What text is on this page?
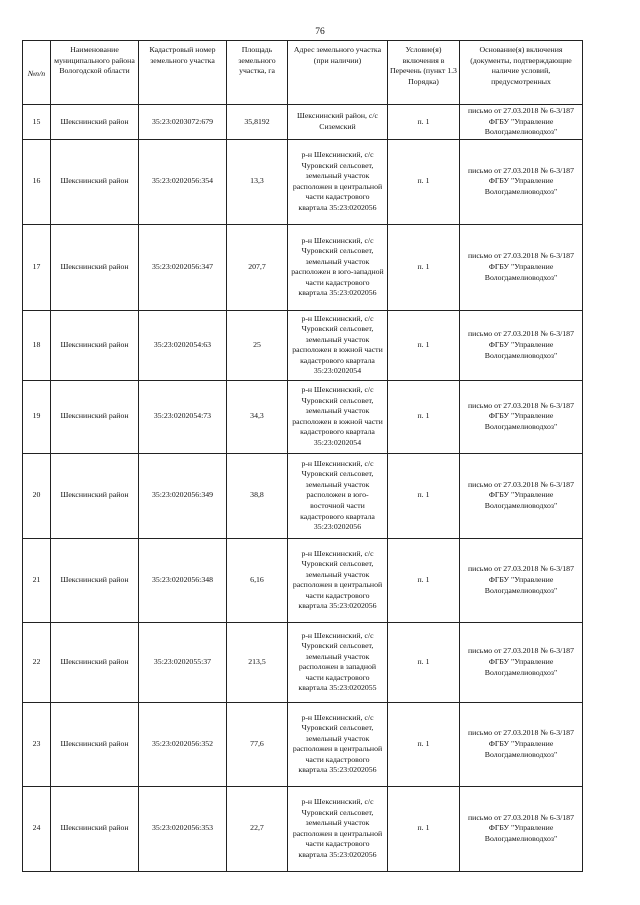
76
№п/п	Наименование муниципального района Вологодской области	Кадастровый номер земельного участка	Площадь земельного участка, га	Адрес земельного участка (при наличии)	Условие(я) включения в Перечень (пункт 1.3 Порядка)	Основание(я) включения (документы, подтверждающие наличие условий, предусмотренных

15	Шекснинский район	35:23:0203072:679	35,8192	Шекснинский район, с/с Сиземский	п. 1	письмо от 27.03.2018 № 6-3/187 ФГБУ "Управление Вологдамелиоводхоз"
16	Шекснинский район	35:23:0202056:354	13,3	р-н Шекснинский, с/с Чуровский сельсовет, земельный участок расположен в центральной части кадастрового квартала 35:23:0202056	п. 1	письмо от 27.03.2018 № 6-3/187 ФГБУ "Управление Вологдамелиоводхоз"
17	Шекснинский район	35:23:0202056:347	207,7	р-н Шекснинский, с/с Чуровский сельсовет, земельный участок расположен в юго-западной части кадастрового квартала 35:23:0202056	п. 1	письмо от 27.03.2018 № 6-3/187 ФГБУ "Управление Вологдамелиоводхоз"
18	Шекснинский район	35:23:0202054:63	25	р-н Шекснинский, с/с Чуровский сельсовет, земельный участок расположен в южной части кадастрового квартала 35:23:0202054	п. 1	письмо от 27.03.2018 № 6-3/187 ФГБУ "Управление Вологдамелиоводхоз"
19	Шекснинский район	35:23:0202054:73	34,3	р-н Шекснинский, с/с Чуровский сельсовет, земельный участок расположен в южной части кадастрового квартала 35:23:0202054	п. 1	письмо от 27.03.2018 № 6-3/187 ФГБУ "Управление Вологдамелиоводхоз"
20	Шекснинский район	35:23:0202056:349	38,8	р-н Шекснинский, с/с Чуровский сельсовет, земельный участок расположен в юго-восточной части кадастрового квартала 35:23:0202056	п. 1	письмо от 27.03.2018 № 6-3/187 ФГБУ "Управление Вологдамелиоводхоз"
21	Шекснинский район	35:23:0202056:348	6,16	р-н Шекснинский, с/с Чуровский сельсовет, земельный участок расположен в центральной части кадастрового квартала 35:23:0202056	п. 1	письмо от 27.03.2018 № 6-3/187 ФГБУ "Управление Вологдамелиоводхоз"
22	Шекснинский район	35:23:0202055:37	213,5	р-н Шекснинский, с/с Чуровский сельсовет, земельный участок расположен в западной части кадастрового квартала 35:23:0202055	п. 1	письмо от 27.03.2018 № 6-3/187 ФГБУ "Управление Вологдамелиоводхоз"
23	Шекснинский район	35:23:0202056:352	77,6	р-н Шекснинский, с/с Чуровский сельсовет, земельный участок расположен в центральной части кадастрового квартала 35:23:0202056	п. 1	письмо от 27.03.2018 № 6-3/187 ФГБУ "Управление Вологдамелиоводхоз"
24	Шекснинский район	35:23:0202056:353	22,7	р-н Шекснинский, с/с Чуровский сельсовет, земельный участок расположен в центральной части кадастрового квартала 35:23:0202056	п. 1	письмо от 27.03.2018 № 6-3/187 ФГБУ "Управление Вологдамелиоводхоз"
